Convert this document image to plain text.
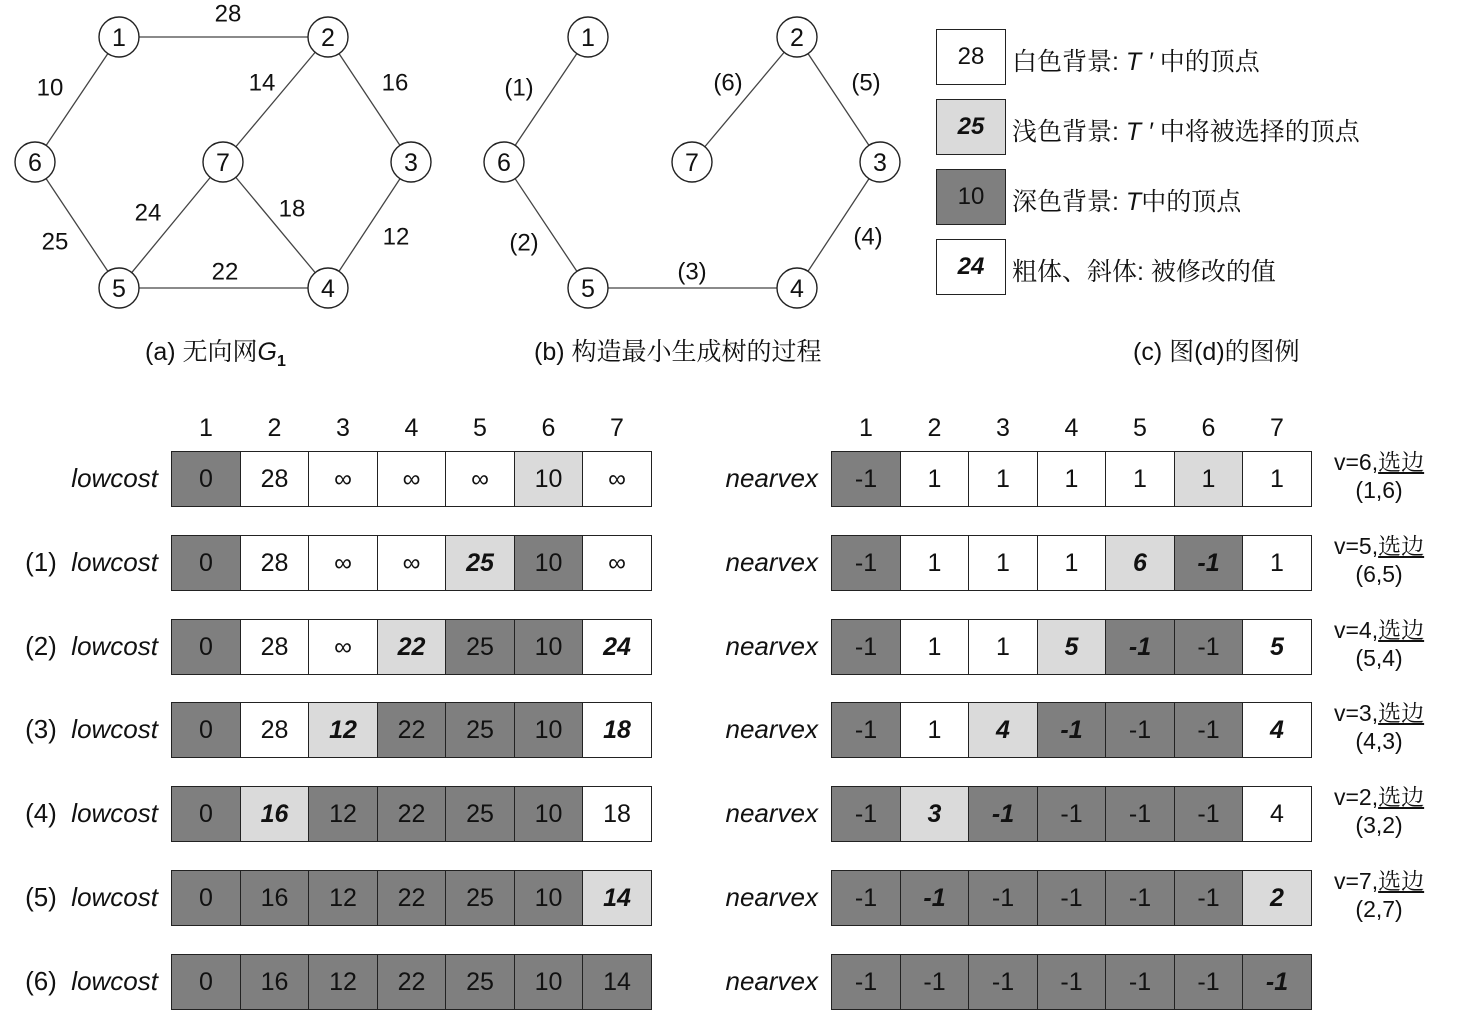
28
10	14	16
24	18
25	12
22
1	2
3
4
5
6	7
(1)
(2)
(3)
(4)
(5)
(6)
1	2
3
4
5
6	7
(a) 无向网$G_1$	(b) 构造最小生成树的过程
28	白色背景: T ′ 中的顶点
25	浅色背景: T ′ 中将被选择的顶点
10	深色背景: T中的顶点
24	粗体、斜体: 被修改的值
(c) 图(d)的图例
1	2	3	4	5	6	7	1	2	3	4	5	6	7
lowcost	0	28	∞	∞	∞	10	∞	nearvex	-1	1	1	1	1	1	1
v=6,选边
(1,6)
(1)  lowcost	0	28	∞	∞	25	10	∞	nearvex	-1	1	1	1	6	-1	1
v=5,选边
(6,5)
(2)  lowcost	0	28	∞	22	25	10	24	nearvex	-1	1	1	5	-1	-1	5
v=4,选边
(5,4)
(3)  lowcost	0	28	12	22	25	10	18	nearvex	-1	1	4	-1	-1	-1	4
v=3,选边
(4,3)
(4)  lowcost	0	16	12	22	25	10	18	nearvex	-1	3	-1	-1	-1	-1	4
v=2,选边
(3,2)
(5)  lowcost	0	16	12	22	25	10	14	nearvex	-1	-1	-1	-1	-1	-1	2
v=7,选边
(2,7)
(6)  lowcost	0	16	12	22	25	10	14	nearvex	-1	-1	-1	-1	-1	-1	-1
